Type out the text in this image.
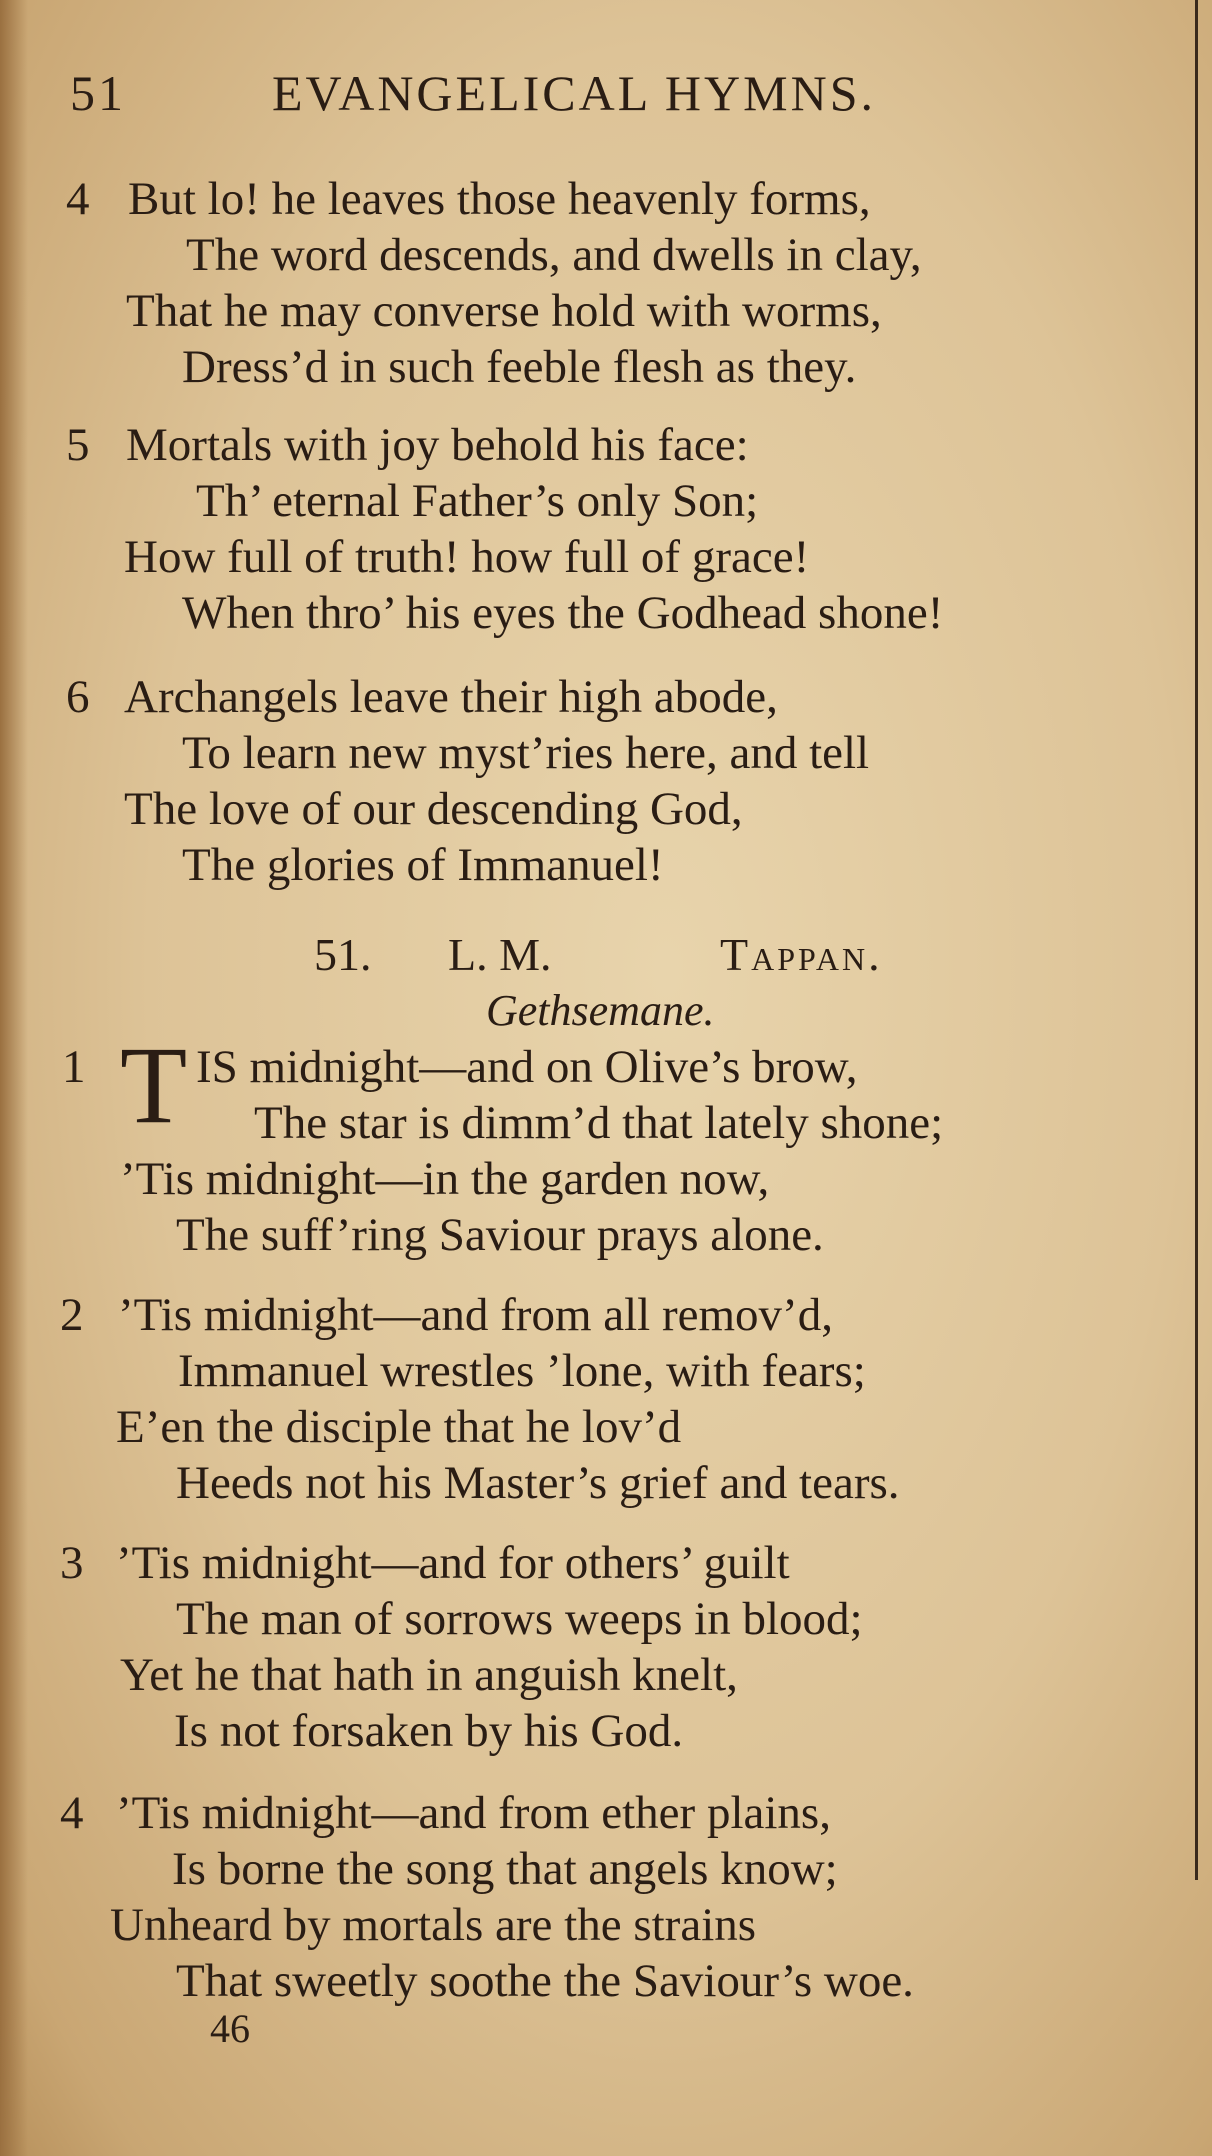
51	EVANGELICAL HYMNS.
4 But lo! he leaves those heavenly forms,
The word descends, and dwells in clay,
That he may converse hold with worms,
Dress’d in such feeble flesh as they.
5 Mortals with joy behold his face:
Th’ eternal Father’s only Son;
How full of truth! how full of grace!
When thro’ his eyes the Godhead shone!
6 Archangels leave their high abode,
To learn new myst’ries here, and tell
The love of our descending God,
The glories of Immanuel!
51. L. M.	Tappan.
Gethsemane.
1 T IS midnight—and on Olive’s brow,
The star is dimm’d that lately shone;
’Tis midnight—in the garden now,
The suff’ring Saviour prays alone.
2 ’Tis midnight—and from all remov’d,
Immanuel wrestles ’lone, with fears;
E’en the disciple that he lov’d
Heeds not his Master’s grief and tears.
3 ’Tis midnight—and for others’ guilt
The man of sorrows weeps in blood;
Yet he that hath in anguish knelt,
Is not forsaken by his God.
4 ’Tis midnight—and from ether plains,
Is borne the song that angels know;
Unheard by mortals are the strains
That sweetly soothe the Saviour’s woe.
46
